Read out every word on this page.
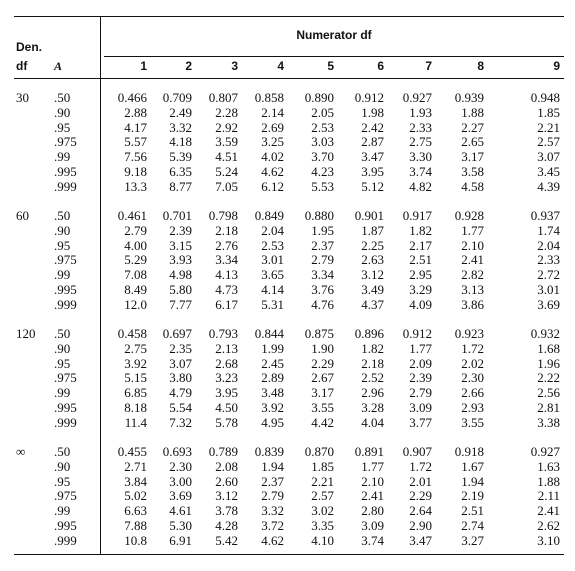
Numerator df
Den.
df A	1	2	3	4	5	6	7	8	9
30 .50	0.466	0.709	0.807	0.858	0.890	0.912	0.927	0.939	0.948
.90	2.88	2.49	2.28	2.14	2.05	1.98	1.93	1.88	1.85
.95	4.17	3.32	2.92	2.69	2.53	2.42	2.33	2.27	2.21
.975	5.57	4.18	3.59	3.25	3.03	2.87	2.75	2.65	2.57
.99	7.56	5.39	4.51	4.02	3.70	3.47	3.30	3.17	3.07
.995	9.18	6.35	5.24	4.62	4.23	3.95	3.74	3.58	3.45
.999	13.3	8.77	7.05	6.12	5.53	5.12	4.82	4.58	4.39
60 .50	0.461	0.701	0.798	0.849	0.880	0.901	0.917	0.928	0.937
.90	2.79	2.39	2.18	2.04	1.95	1.87	1.82	1.77	1.74
.95	4.00	3.15	2.76	2.53	2.37	2.25	2.17	2.10	2.04
.975	5.29	3.93	3.34	3.01	2.79	2.63	2.51	2.41	2.33
.99	7.08	4.98	4.13	3.65	3.34	3.12	2.95	2.82	2.72
.995	8.49	5.80	4.73	4.14	3.76	3.49	3.29	3.13	3.01
.999	12.0	7.77	6.17	5.31	4.76	4.37	4.09	3.86	3.69
120 .50	0.458	0.697	0.793	0.844	0.875	0.896	0.912	0.923	0.932
.90	2.75	2.35	2.13	1.99	1.90	1.82	1.77	1.72	1.68
.95	3.92	3.07	2.68	2.45	2.29	2.18	2.09	2.02	1.96
.975	5.15	3.80	3.23	2.89	2.67	2.52	2.39	2.30	2.22
.99	6.85	4.79	3.95	3.48	3.17	2.96	2.79	2.66	2.56
.995	8.18	5.54	4.50	3.92	3.55	3.28	3.09	2.93	2.81
.999	11.4	7.32	5.78	4.95	4.42	4.04	3.77	3.55	3.38
∞ .50	0.455	0.693	0.789	0.839	0.870	0.891	0.907	0.918	0.927
.90	2.71	2.30	2.08	1.94	1.85	1.77	1.72	1.67	1.63
.95	3.84	3.00	2.60	2.37	2.21	2.10	2.01	1.94	1.88
.975	5.02	3.69	3.12	2.79	2.57	2.41	2.29	2.19	2.11
.99	6.63	4.61	3.78	3.32	3.02	2.80	2.64	2.51	2.41
.995	7.88	5.30	4.28	3.72	3.35	3.09	2.90	2.74	2.62
.999	10.8	6.91	5.42	4.62	4.10	3.74	3.47	3.27	3.10
